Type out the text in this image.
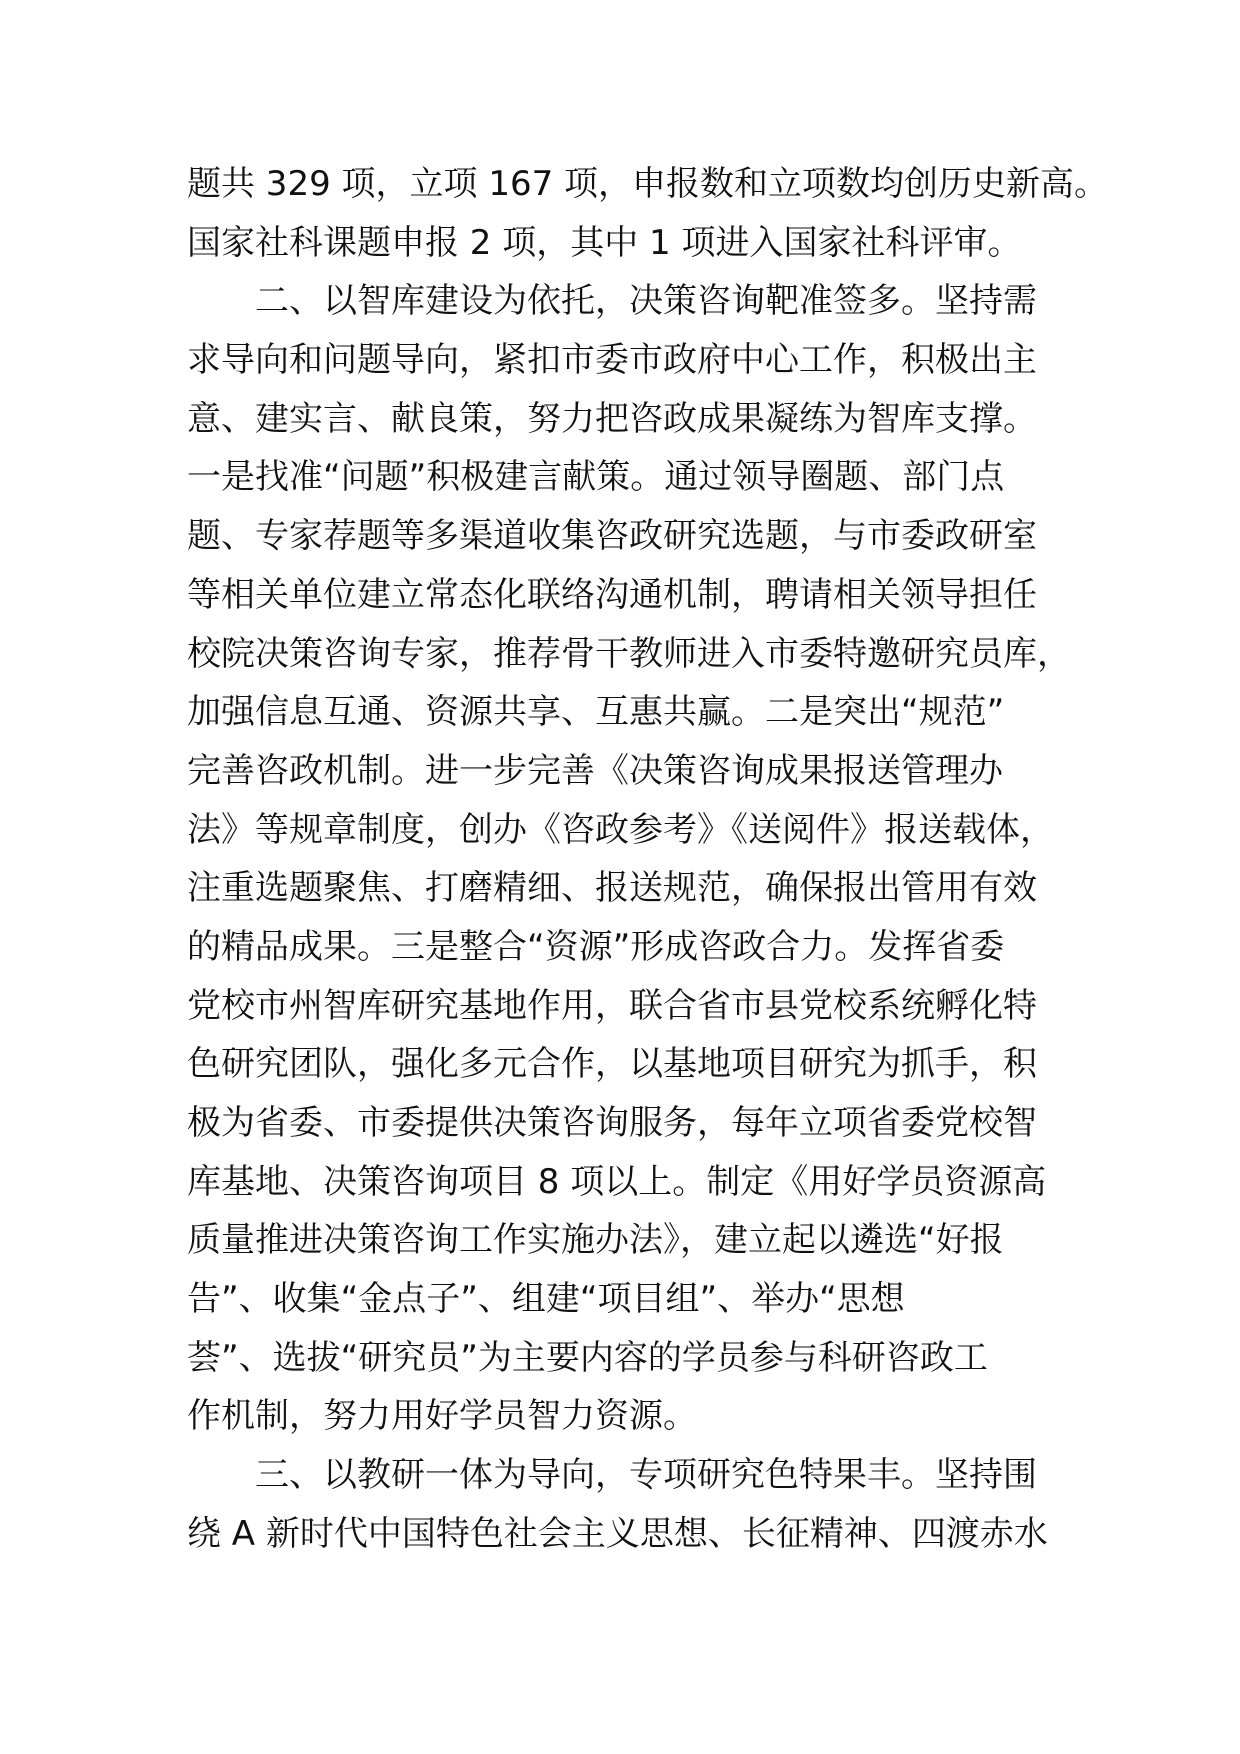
题共 329 项，立项 167 项，申报数和立项数均创历史新高。
国家社科课题申报 2 项，其中 1 项进入国家社科评审。
二、以智库建设为依托，决策咨询靶准签多。坚持需
求导向和问题导向，紧扣市委市政府中心工作，积极出主
意、建实言、献良策，努力把咨政成果凝练为智库支撑。
一是找准“问题”积极建言献策。通过领导圈题、部门点
题、专家荐题等多渠道收集咨政研究选题，与市委政研室
等相关单位建立常态化联络沟通机制，聘请相关领导担任
校院决策咨询专家，推荐骨干教师进入市委特邀研究员库，
加强信息互通、资源共享、互惠共赢。二是突出“规范”
完善咨政机制。进一步完善《决策咨询成果报送管理办
法》等规章制度，创办《咨政参考》《送阅件》报送载体，
注重选题聚焦、打磨精细、报送规范，确保报出管用有效
的精品成果。三是整合“资源”形成咨政合力。发挥省委
党校市州智库研究基地作用，联合省市县党校系统孵化特
色研究团队，强化多元合作，以基地项目研究为抓手，积
极为省委、市委提供决策咨询服务，每年立项省委党校智
库基地、决策咨询项目 8 项以上。制定《用好学员资源高
质量推进决策咨询工作实施办法》，建立起以遴选“好报
告”、收集“金点子”、组建“项目组”、举办“思想
荟”、选拔“研究员”为主要内容的学员参与科研咨政工
作机制，努力用好学员智力资源。
三、以教研一体为导向，专项研究色特果丰。坚持围
绕 A 新时代中国特色社会主义思想、长征精神、四渡赤水
